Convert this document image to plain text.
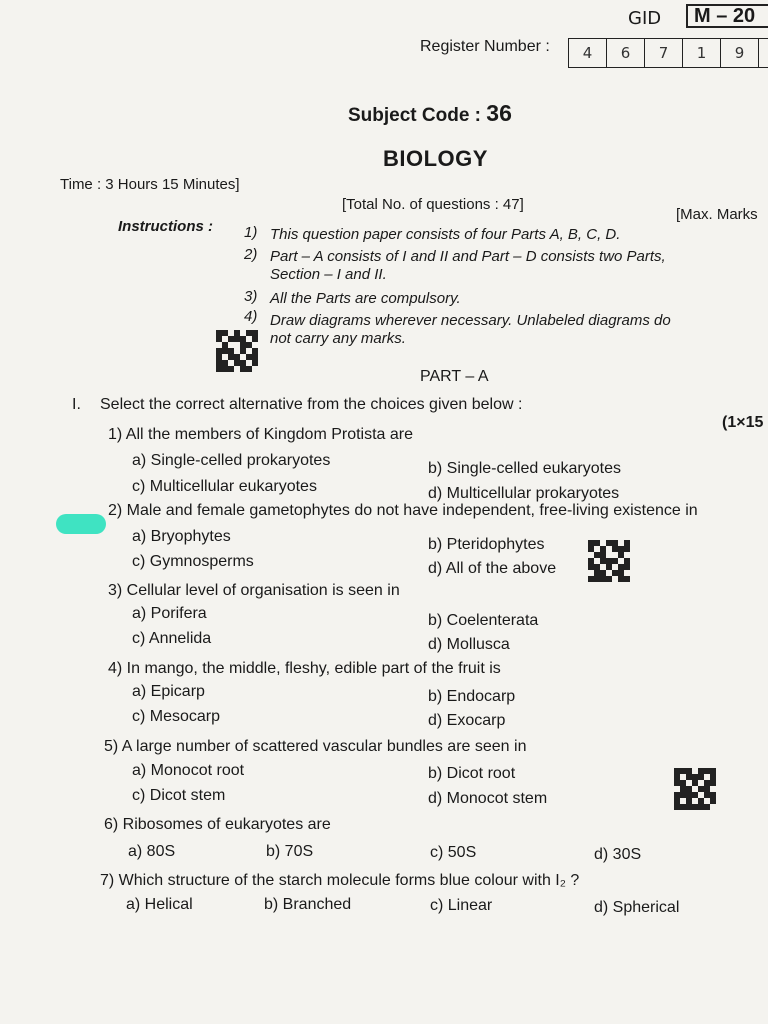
GID	M – 20
Register Number :	4	6	7	1	9
Subject Code : 36
BIOLOGY
Time : 3 Hours 15 Minutes]
[Total No. of questions : 47]
[Max. Marks
Instructions : 1) This question paper consists of four Parts A, B, C, D.
2) Part – A consists of I and II and Part – D consists two Parts,
Section – I and II.
3) All the Parts are compulsory.
4) Draw diagrams wherever necessary. Unlabeled diagrams do
not carry any marks.
PART – A
I. Select the correct alternative from the choices given below :
(1×15
1) All the members of Kingdom Protista are
a) Single-celled prokaryotes	b) Single-celled eukaryotes
c) Multicellular eukaryotes	d) Multicellular prokaryotes
2) Male and female gametophytes do not have independent, free-living existence in
a) Bryophytes	b) Pteridophytes
c) Gymnosperms	d) All of the above
3) Cellular level of organisation is seen in
a) Porifera	b) Coelenterata
c) Annelida	d) Mollusca
4) In mango, the middle, fleshy, edible part of the fruit is
a) Epicarp	b) Endocarp
c) Mesocarp	d) Exocarp
5) A large number of scattered vascular bundles are seen in
a) Monocot root	b) Dicot root
c) Dicot stem	d) Monocot stem
6) Ribosomes of eukaryotes are
a) 80S	b) 70S	c) 50S	d) 30S
7) Which structure of the starch molecule forms blue colour with I₂ ?
a) Helical	b) Branched	c) Linear	d) Spherical
